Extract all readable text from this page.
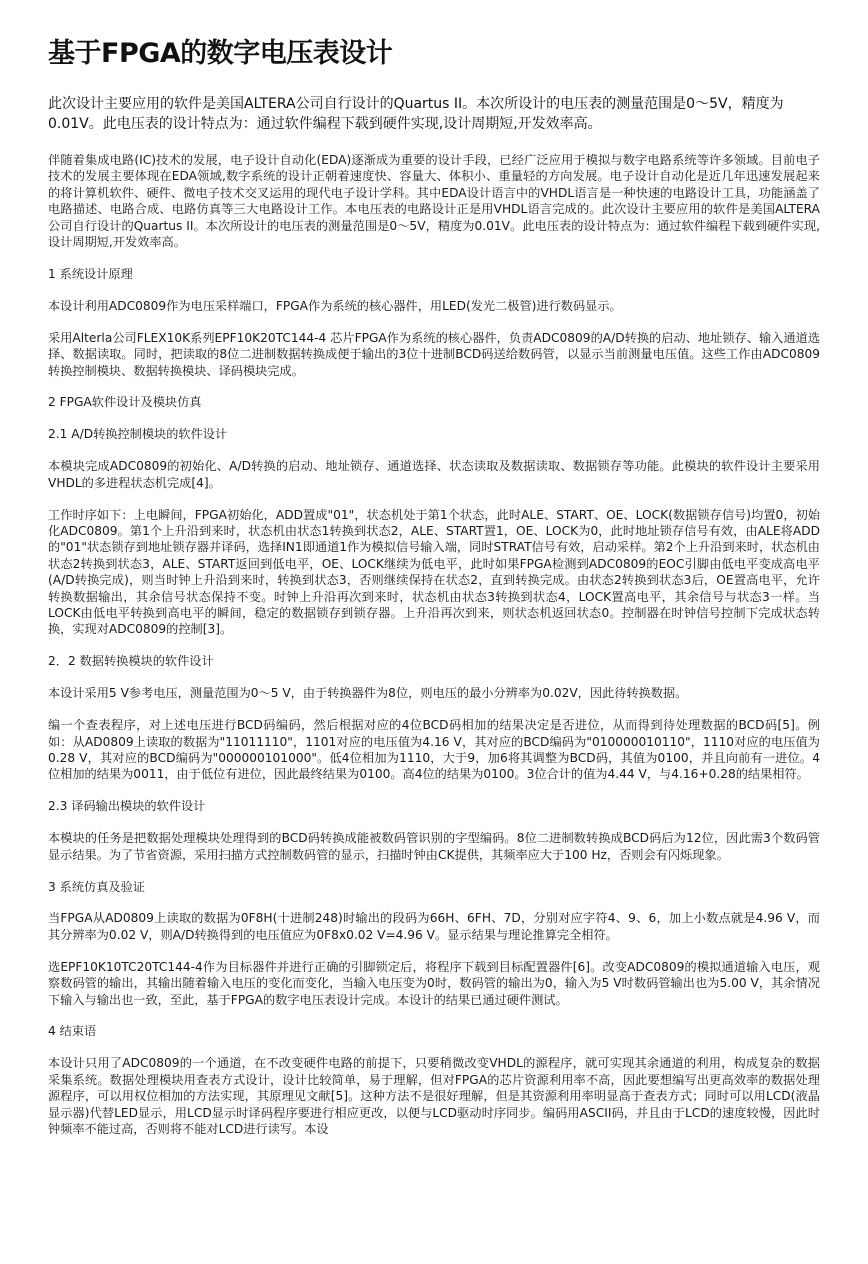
基于FPGA的数字电压表设计

此次设计主要应用的软件是美国ALTERA公司自行设计的Quartus II。本次所设计的电压表的测量范围是0～5V，精度为0.01V。此电压表的设计特点为：通过软件编程下载到硬件实现,设计周期短,开发效率高。

伴随着集成电路(IC)技术的发展，电子设计自动化(EDA)逐渐成为重要的设计手段，已经广泛应用于模拟与数字电路系统等许多领域。目前电子技术的发展主要体现在EDA领域,数字系统的设计正朝着速度快、容量大、体积小、重量轻的方向发展。电子设计自动化是近几年迅速发展起来的将计算机软件、硬件、微电子技术交叉运用的现代电子设计学科。其中EDA设计语言中的VHDL语言是一种快速的电路设计工具，功能涵盖了电路描述、电路合成、电路仿真等三大电路设计工作。本电压表的电路设计正是用VHDL语言完成的。此次设计主要应用的软件是美国ALTERA公司自行设计的Quartus II。本次所设计的电压表的测量范围是0～5V，精度为0.01V。此电压表的设计特点为：通过软件编程下载到硬件实现,设计周期短,开发效率高。

1 系统设计原理

本设计利用ADC0809作为电压采样端口，FPGA作为系统的核心器件，用LED(发光二极管)进行数码显示。

采用Alterla公司FLEX10K系列EPF10K20TC144-4 芯片FPGA作为系统的核心器件，负责ADC0809的A/D转换的启动、地址锁存、输入通道选择、数据读取。同时，把读取的8位二进制数据转换成便于输出的3位十进制BCD码送给数码管，以显示当前测量电压值。这些工作由ADC0809转换控制模块、数据转换模块、译码模块完成。

2 FPGA软件设计及模块仿真

2.1 A/D转换控制模块的软件设计

本模块完成ADC0809的初始化、A/D转换的启动、地址锁存、通道选择、状态读取及数据读取、数据锁存等功能。此模块的软件设计主要采用VHDL的多进程状态机完成[4]。

工作时序如下：上电瞬间，FPGA初始化，ADD置成"01"，状态机处于第1个状态，此时ALE、START、OE、LOCK(数据锁存信号)均置0，初始化ADC0809。第1个上升沿到来时，状态机由状态1转换到状态2，ALE、START置1，OE、LOCK为0，此时地址锁存信号有效，由ALE将ADD的"01"状态锁存到地址锁存器并译码，选择IN1即通道1作为模拟信号输入端，同时STRAT信号有效，启动采样。第2个上升沿到来时，状态机由状态2转换到状态3，ALE、START返回到低电平，OE、LOCK继续为低电平，此时如果FPGA检测到ADC0809的EOC引脚由低电平变成高电平(A/D转换完成)，则当时钟上升沿到来时，转换到状态3，否则继续保持在状态2，直到转换完成。由状态2转换到状态3后，OE置高电平，允许转换数据输出，其余信号状态保持不变。时钟上升沿再次到来时，状态机由状态3转换到状态4，LOCK置高电平，其余信号与状态3一样。当LOCK由低电平转换到高电平的瞬间，稳定的数据锁存到锁存器。上升沿再次到来，则状态机返回状态0。控制器在时钟信号控制下完成状态转换，实现对ADC0809的控制[3]。

2．2 数据转换模块的软件设计

本设计采用5 V参考电压，测量范围为0～5 V，由于转换器件为8位，则电压的最小分辨率为0.02V，因此待转换数据。

编一个查表程序，对上述电压进行BCD码编码，然后根据对应的4位BCD码相加的结果决定是否进位，从而得到待处理数据的BCD码[5]。例如：从AD0809上读取的数据为"11011110"，1101对应的电压值为4.16 V，其对应的BCD编码为"010000010110"，1110对应的电压值为0.28 V，其对应的BCD编码为"000000101000"。低4位相加为1110，大于9，加6将其调整为BCD码，其值为0100，并且向前有一进位。4位相加的结果为0011，由于低位有进位，因此最终结果为0100。高4位的结果为0100。3位合计的值为4.44 V，与4.16+0.28的结果相符。

2.3 译码输出模块的软件设计

本模块的任务是把数据处理模块处理得到的BCD码转换成能被数码管识别的字型编码。8位二进制数转换成BCD码后为12位，因此需3个数码管显示结果。为了节省资源，采用扫描方式控制数码管的显示，扫描时钟由CK提供，其频率应大于100 Hz，否则会有闪烁现象。

3 系统仿真及验证

当FPGA从AD0809上读取的数据为0F8H(十进制248)时输出的段码为66H、6FH、7D，分别对应字符4、9、6，加上小数点就是4.96 V，而其分辨率为0.02 V，则A/D转换得到的电压值应为0F8x0.02 V=4.96 V。显示结果与理论推算完全相符。

选EPF10K10TC20TC144-4作为目标器件并进行正确的引脚锁定后，将程序下载到目标配置器件[6]。改变ADC0809的模拟通道输入电压，观察数码管的输出，其输出随着输入电压的变化而变化，当输入电压变为0时，数码管的输出为0，输入为5 V时数码管输出也为5.00 V，其余情况下输入与输出也一致，至此，基于FPGA的数字电压表设计完成。本设计的结果已通过硬件测试。

4 结束语

本设计只用了ADC0809的一个通道，在不改变硬件电路的前提下，只要稍微改变VHDL的源程序，就可实现其余通道的利用，构成复杂的数据采集系统。数据处理模块用查表方式设计，设计比较简单，易于理解，但对FPGA的芯片资源利用率不高，因此要想编写出更高效率的数据处理源程序，可以用权位相加的方法实现，其原理见文献[5]。这种方法不是很好理解，但是其资源利用率明显高于查表方式；同时可以用LCD(液晶显示器)代替LED显示，用LCD显示时译码程序要进行相应更改，以便与LCD驱动时序同步。编码用ASCII码，并且由于LCD的速度较慢，因此时钟频率不能过高，否则将不能对LCD进行读写。本设
